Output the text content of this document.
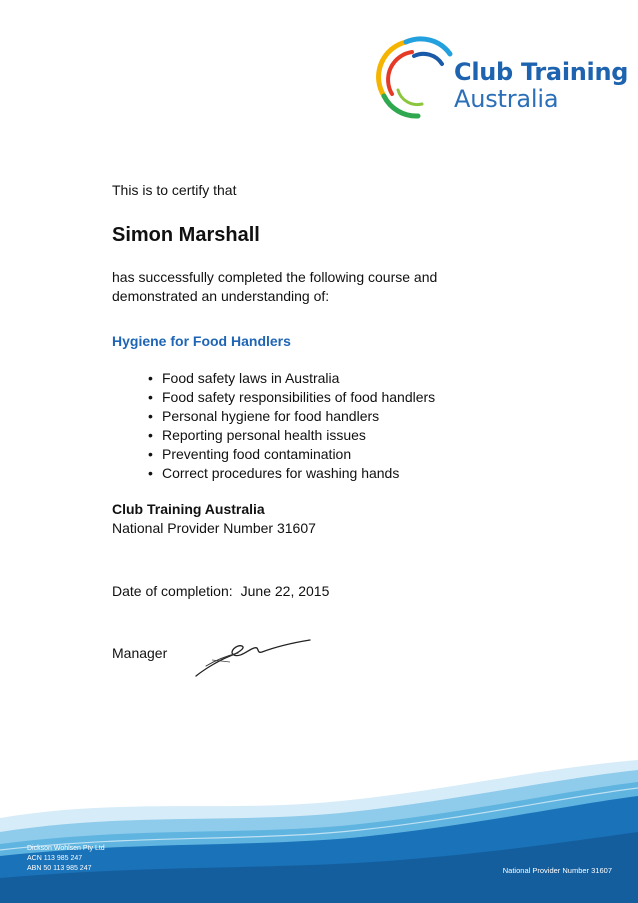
Club Training
Australia
This is to certify that
Simon Marshall
has successfully completed the following course and demonstrated an understanding of:
Hygiene for Food Handlers
• Food safety laws in Australia
• Food safety responsibilities of food handlers
• Personal hygiene for food handlers
• Reporting personal health issues
• Preventing food contamination
• Correct procedures for washing hands
Club Training Australia
National Provider Number 31607
Date of completion: June 22, 2015
Manager
Dickson Wohlsen Pty Ltd
ACN 113 985 247
ABN 50 113 985 247	National Provider Number 31607
